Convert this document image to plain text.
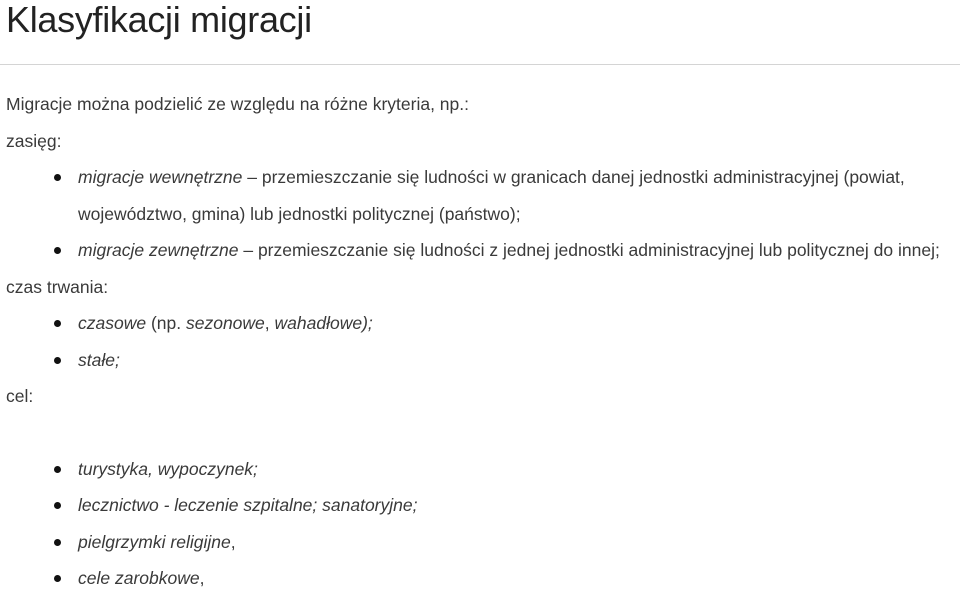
Klasyfikacji migracji

Migracje można podzielić ze względu na różne kryteria, np.:

zasięg:

migracje wewnętrzne – przemieszczanie się ludności w granicach danej jednostki administracyjnej (powiat, województwo, gmina) lub jednostki politycznej (państwo);
migracje zewnętrzne – przemieszczanie się ludności z jednej jednostki administracyjnej lub politycznej do innej;

czas trwania:

czasowe (np. sezonowe, wahadłowe);
stałe;

cel:

turystyka, wypoczynek;
lecznictwo - leczenie szpitalne; sanatoryjne;
pielgrzymki religijne,
cele zarobkowe,
